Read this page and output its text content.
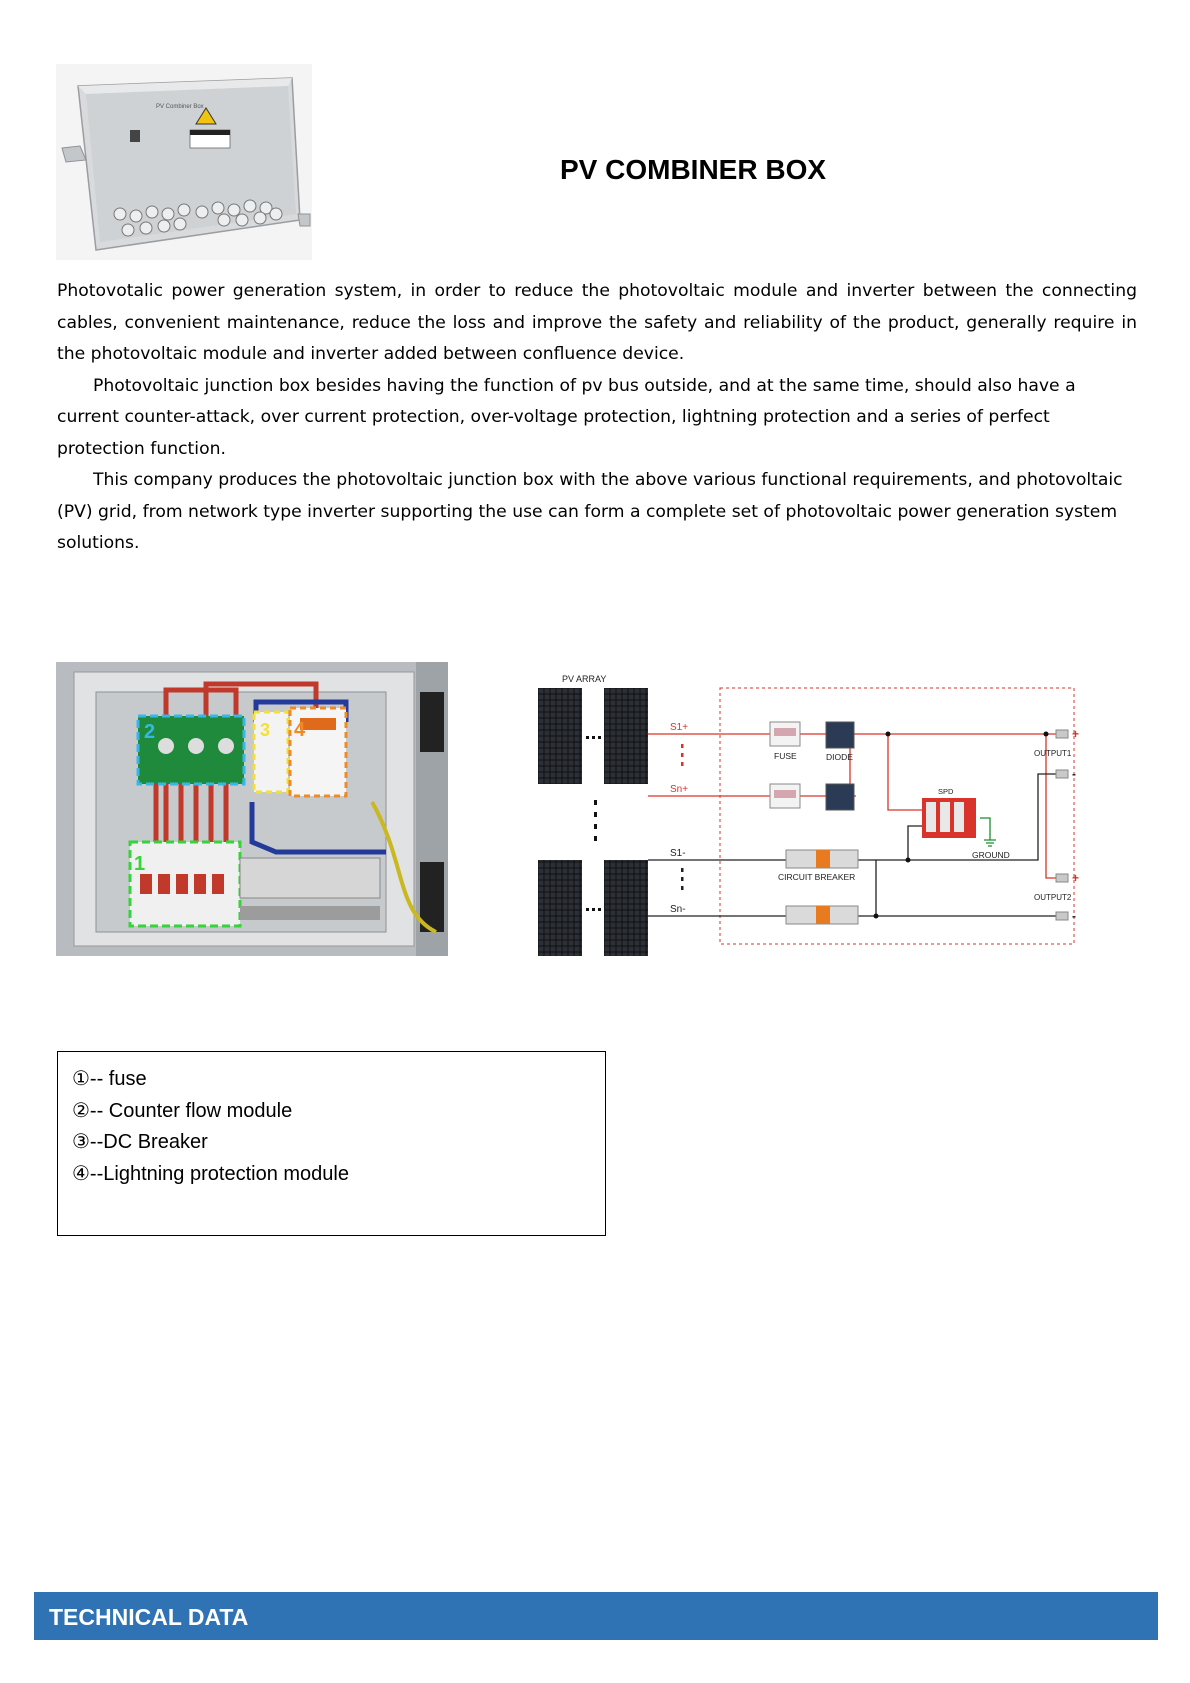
PV Combiner Box
PV COMBINER BOX

Photovotalic power generation system, in order to reduce the photovoltaic module and inverter between the connecting cables, convenient maintenance, reduce the loss and improve the safety and reliability of the product, generally require in the photovoltaic module and inverter added between confluence device.

Photovoltaic junction box besides having the function of pv bus outside, and at the same time, should also have a current counter-attack, over current protection, over-voltage protection, lightning protection and a series of perfect protection function.

This company produces the photovoltaic junction box with the above various functional requirements, and photovoltaic (PV) grid, from network type inverter supporting the use can form a complete set of photovoltaic power generation system solutions.

2	3 4
1
PV ARRAY
S1+
Sn+
S1-
Sn-
FUSE	DIODE
SPD
GROUND
CIRCUIT BREAKER
OUTPUT1
OUTPUT2
+
-
+
-
①-- fuse
②-- Counter flow module
③--DC Breaker
④--Lightning protection module
TECHNICAL DATA
